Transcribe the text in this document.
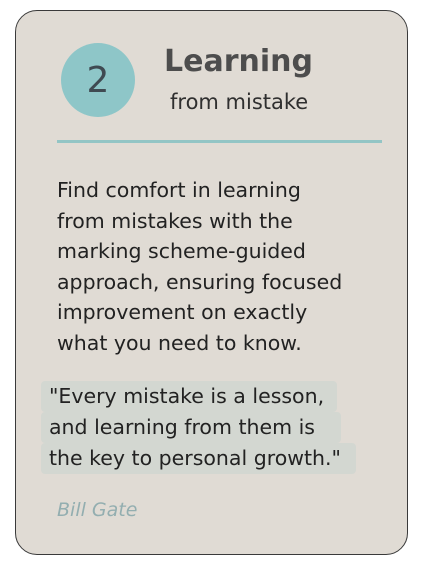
2 Learning
from mistake
Find comfort in learning
from mistakes with the
marking scheme-guided
approach, ensuring focused
improvement on exactly
what you need to know.
"Every mistake is a lesson,
and learning from them is
the key to personal growth."
Bill Gate
